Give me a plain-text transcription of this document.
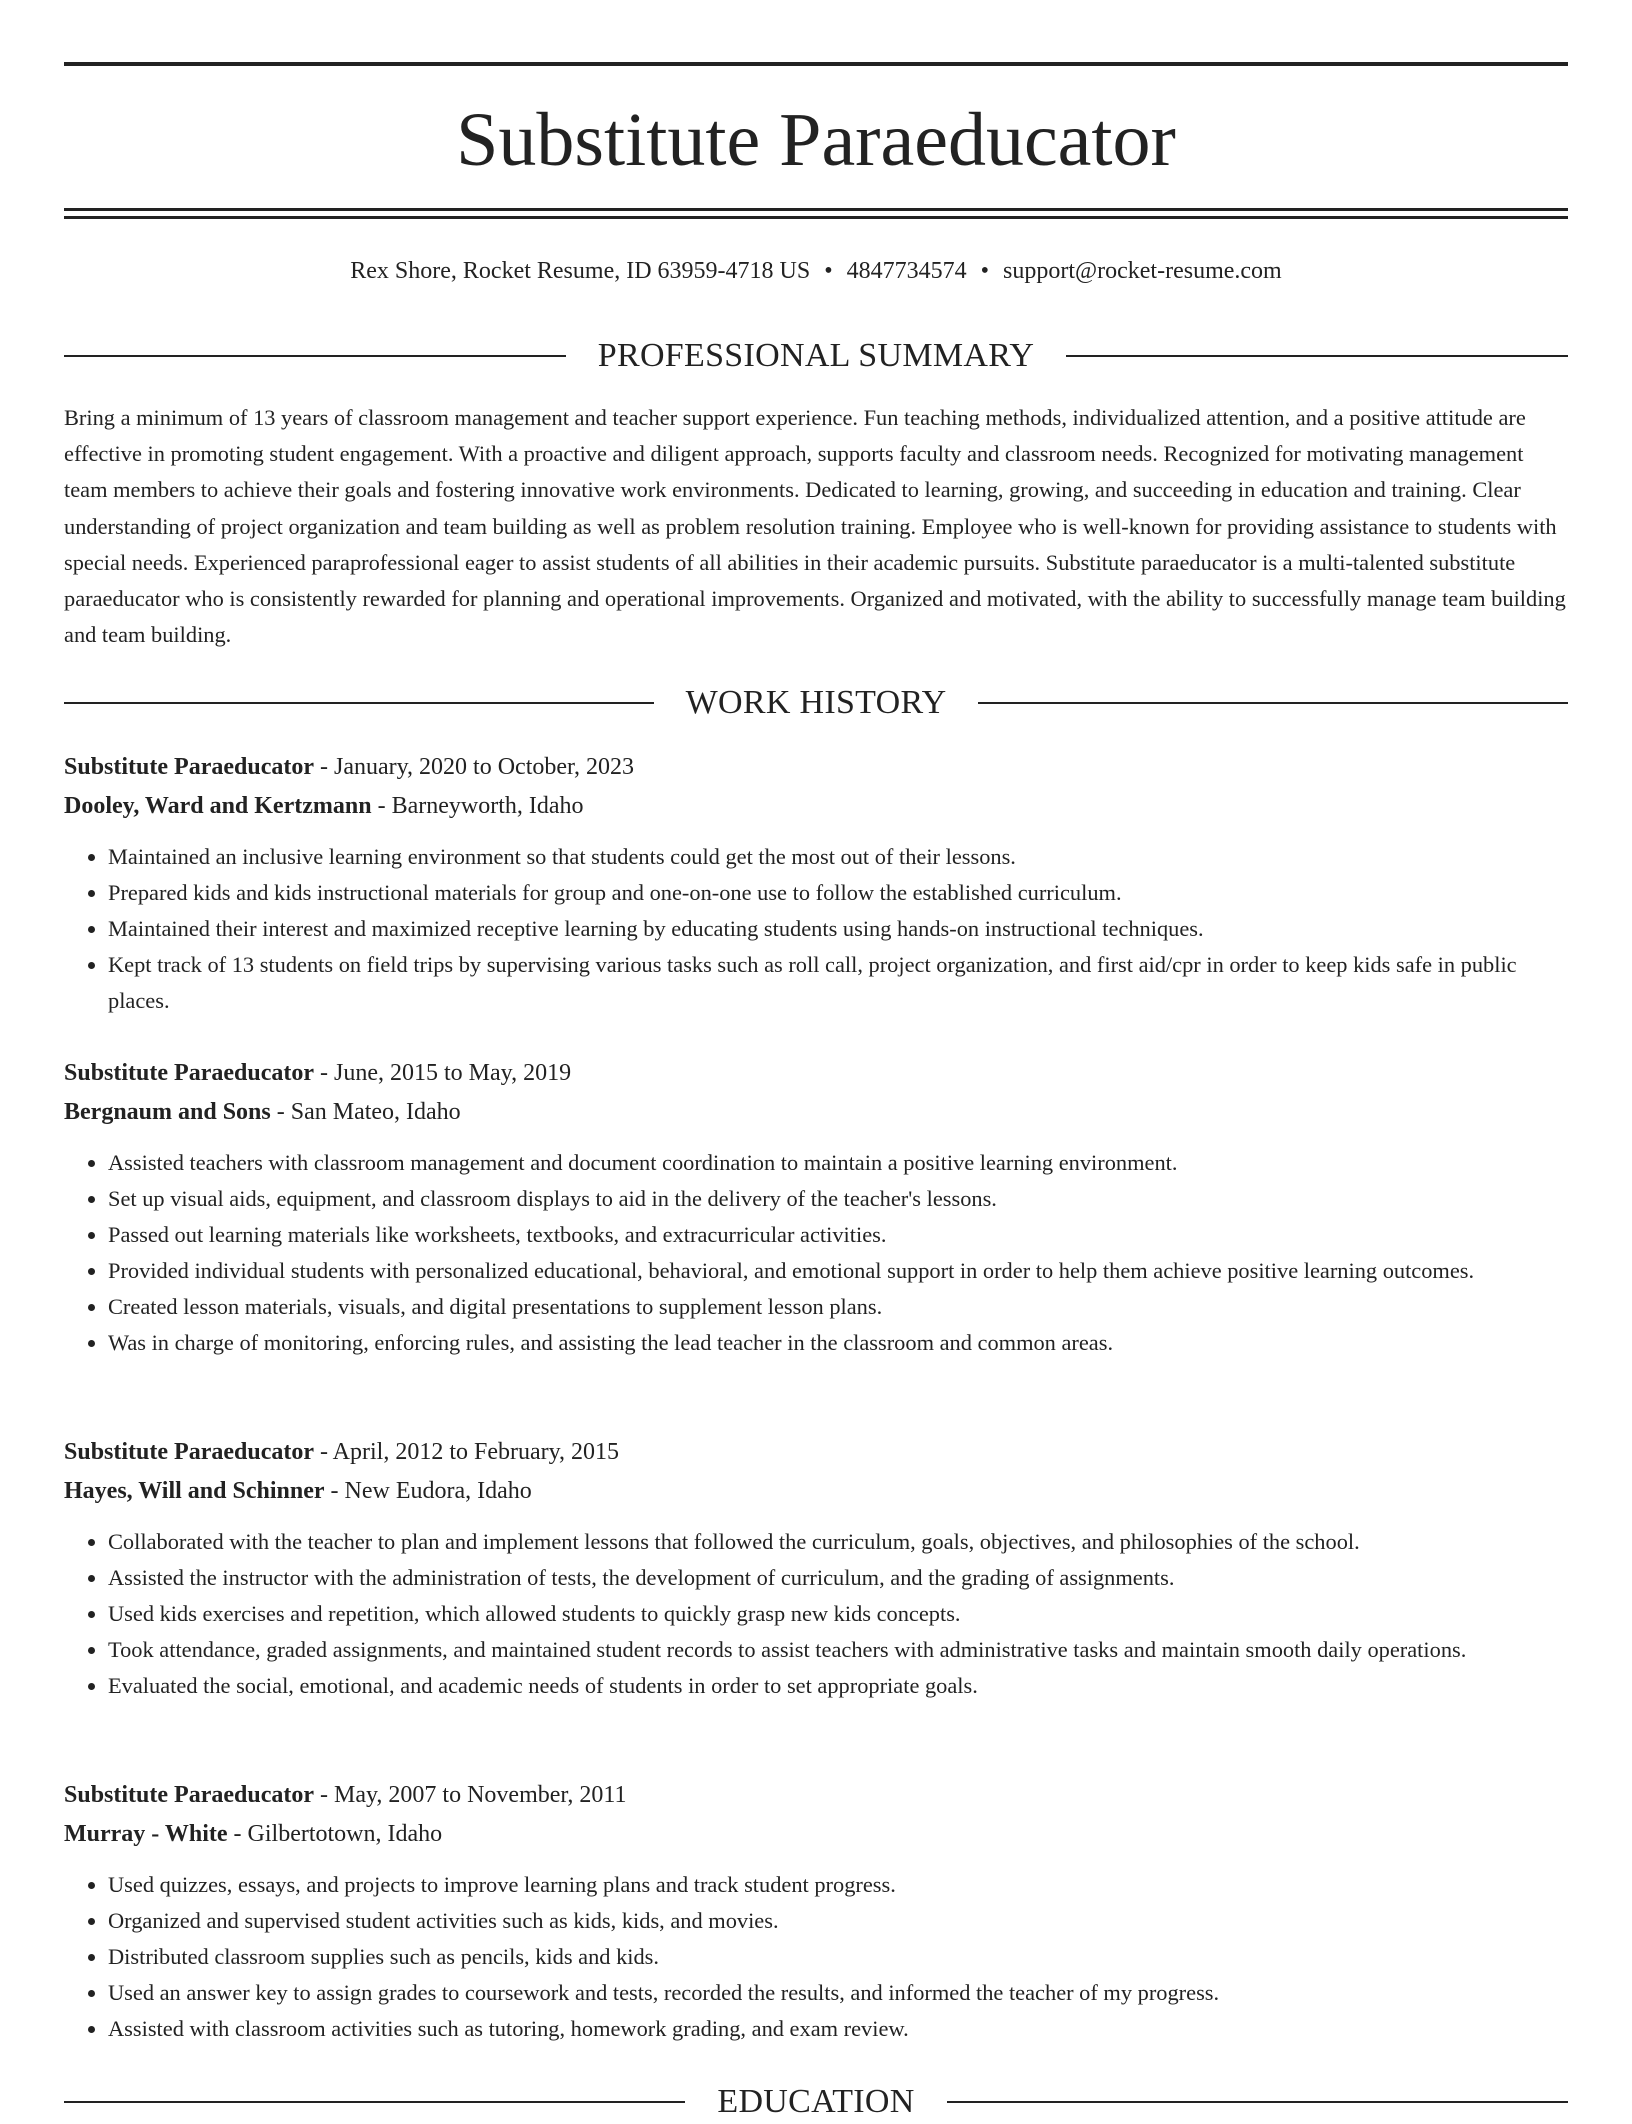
Substitute Paraeducator
Rex Shore, Rocket Resume, ID 63959-4718 US • 4847734574 • support@rocket-resume.com
PROFESSIONAL SUMMARY

Bring a minimum of 13 years of classroom management and teacher support experience. Fun teaching methods, individualized attention, and a positive attitude are effective in promoting student engagement. With a proactive and diligent approach, supports faculty and classroom needs. Recognized for motivating management team members to achieve their goals and fostering innovative work environments. Dedicated to learning, growing, and succeeding in education and training. Clear understanding of project organization and team building as well as problem resolution training. Employee who is well-known for providing assistance to students with special needs. Experienced paraprofessional eager to assist students of all abilities in their academic pursuits. Substitute paraeducator is a multi-talented substitute paraeducator who is consistently rewarded for planning and operational improvements. Organized and motivated, with the ability to successfully manage team building and team building.

WORK HISTORY

Substitute Paraeducator - January, 2020 to October, 2023

Dooley, Ward and Kertzmann - Barneyworth, Idaho

• Maintained an inclusive learning environment so that students could get the most out of their lessons.
• Prepared kids and kids instructional materials for group and one-on-one use to follow the established curriculum.
• Maintained their interest and maximized receptive learning by educating students using hands-on instructional techniques.
• Kept track of 13 students on field trips by supervising various tasks such as roll call, project organization, and first aid/cpr in order to keep kids safe in public places.

Substitute Paraeducator - June, 2015 to May, 2019

Bergnaum and Sons - San Mateo, Idaho

• Assisted teachers with classroom management and document coordination to maintain a positive learning environment.
• Set up visual aids, equipment, and classroom displays to aid in the delivery of the teacher's lessons.
• Passed out learning materials like worksheets, textbooks, and extracurricular activities.
• Provided individual students with personalized educational, behavioral, and emotional support in order to help them achieve positive learning outcomes.
• Created lesson materials, visuals, and digital presentations to supplement lesson plans.
• Was in charge of monitoring, enforcing rules, and assisting the lead teacher in the classroom and common areas.

Substitute Paraeducator - April, 2012 to February, 2015

Hayes, Will and Schinner - New Eudora, Idaho

• Collaborated with the teacher to plan and implement lessons that followed the curriculum, goals, objectives, and philosophies of the school.
• Assisted the instructor with the administration of tests, the development of curriculum, and the grading of assignments.
• Used kids exercises and repetition, which allowed students to quickly grasp new kids concepts.
• Took attendance, graded assignments, and maintained student records to assist teachers with administrative tasks and maintain smooth daily operations.
• Evaluated the social, emotional, and academic needs of students in order to set appropriate goals.

Substitute Paraeducator - May, 2007 to November, 2011

Murray - White - Gilbertotown, Idaho

• Used quizzes, essays, and projects to improve learning plans and track student progress.
• Organized and supervised student activities such as kids, kids, and movies.
• Distributed classroom supplies such as pencils, kids and kids.
• Used an answer key to assign grades to coursework and tests, recorded the results, and informed the teacher of my progress.
• Assisted with classroom activities such as tutoring, homework grading, and exam review.
EDUCATION
